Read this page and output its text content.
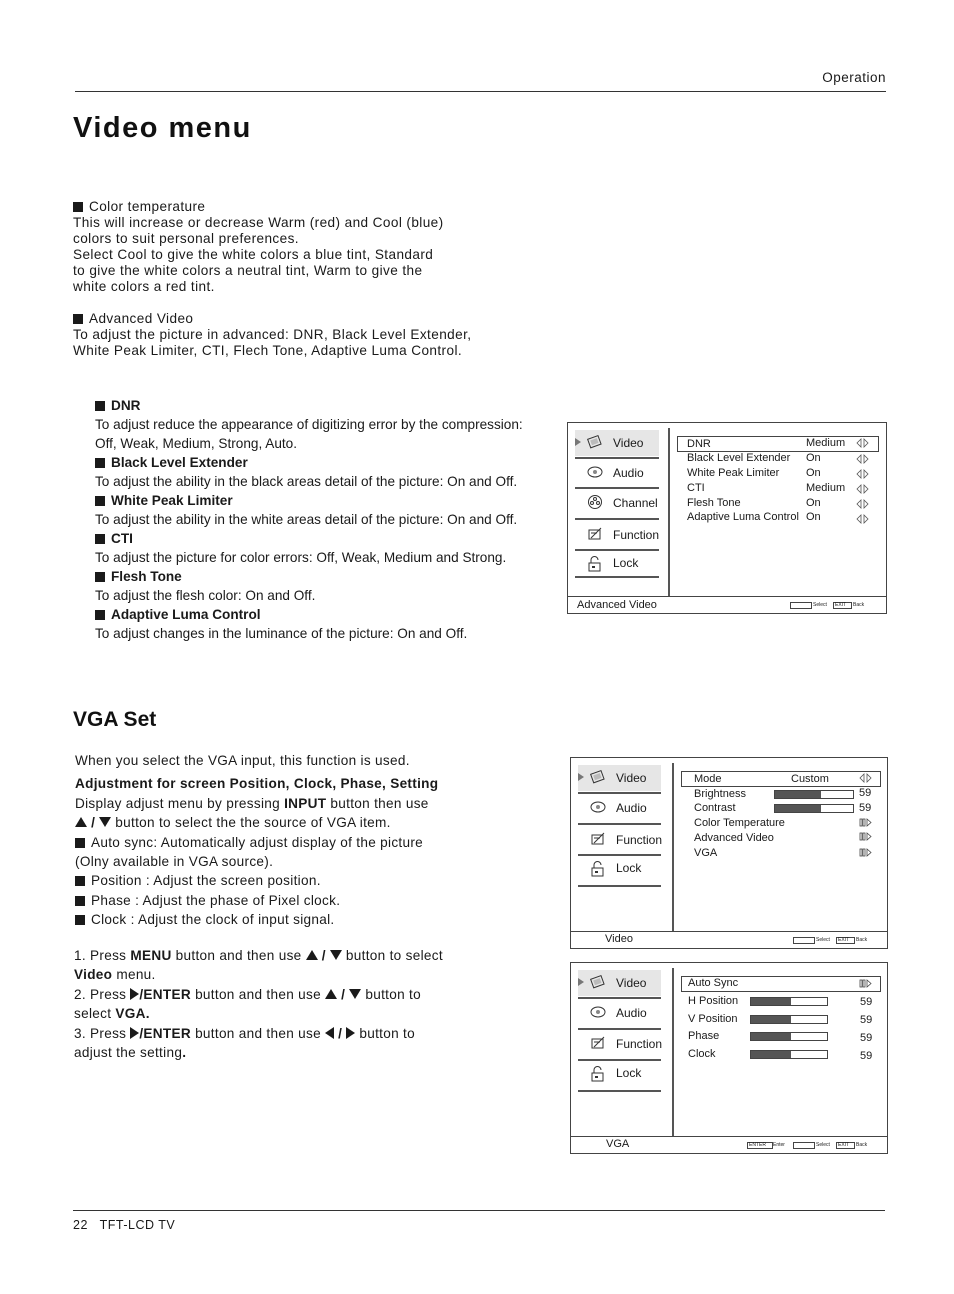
Operation
Video menu

Color temperature

This will increase or decrease Warm (red) and Cool (blue)

colors to suit personal preferences.

Select Cool to give the white colors a blue tint, Standard

to give the white colors a neutral tint, Warm to give the

white colors a red tint.

Advanced Video

To adjust the picture in advanced: DNR, Black Level Extender,

White Peak Limiter, CTI, Flech Tone, Adaptive Luma Control.

DNR

To adjust reduce the appearance of digitizing error by the compression:

Off, Weak, Medium, Strong, Auto.

Black Level Extender

To adjust the ability in the black areas detail of the picture: On and Off.

White Peak Limiter

To adjust the ability in the white areas detail of the picture: On and Off.

CTI

To adjust the picture for color errors: Off, Weak, Medium and Strong.

Flesh Tone

To adjust the flesh color: On and Off.

Adaptive Luma Control

To adjust changes in the luminance of the picture: On and Off.

Video
Audio
Channel
Function
Lock
DNR	Medium
Black Level Extender On
White Peak Limiter On
CTI	Medium
Flesh Tone	On
Adaptive Luma Control On
Advanced Video	Select EXIT Back
VGA Set

When you select the VGA input, this function is used.

Adjustment for screen Position, Clock, Phase, Setting

Display adjust menu by pressing INPUT button then use

/  button to select the the source of VGA item.

Auto sync: Automatically adjust display of the picture

(Olny available in VGA source).

Position : Adjust the screen position.

Phase : Adjust the phase of Pixel clock.

Clock : Adjust the clock of input signal.

1. Press MENU button and then use  /  button to select

Video menu.

2. Press /ENTER button and then use  /  button to

select VGA.

3. Press /ENTER button and then use  /  button to

adjust the setting.

Video
Audio
Function
Lock
Mode	Custom
Brightness	59
Contrast	59
Color Temperature
Advanced Video
VGA
Video	Select EXIT Back
Video
Audio
Function
Lock
Auto Sync
H Position	59
V Position	59
Phase	59
Clock	59
VGA	ENTER Enter	Select EXIT Back
22 TFT-LCD TV
